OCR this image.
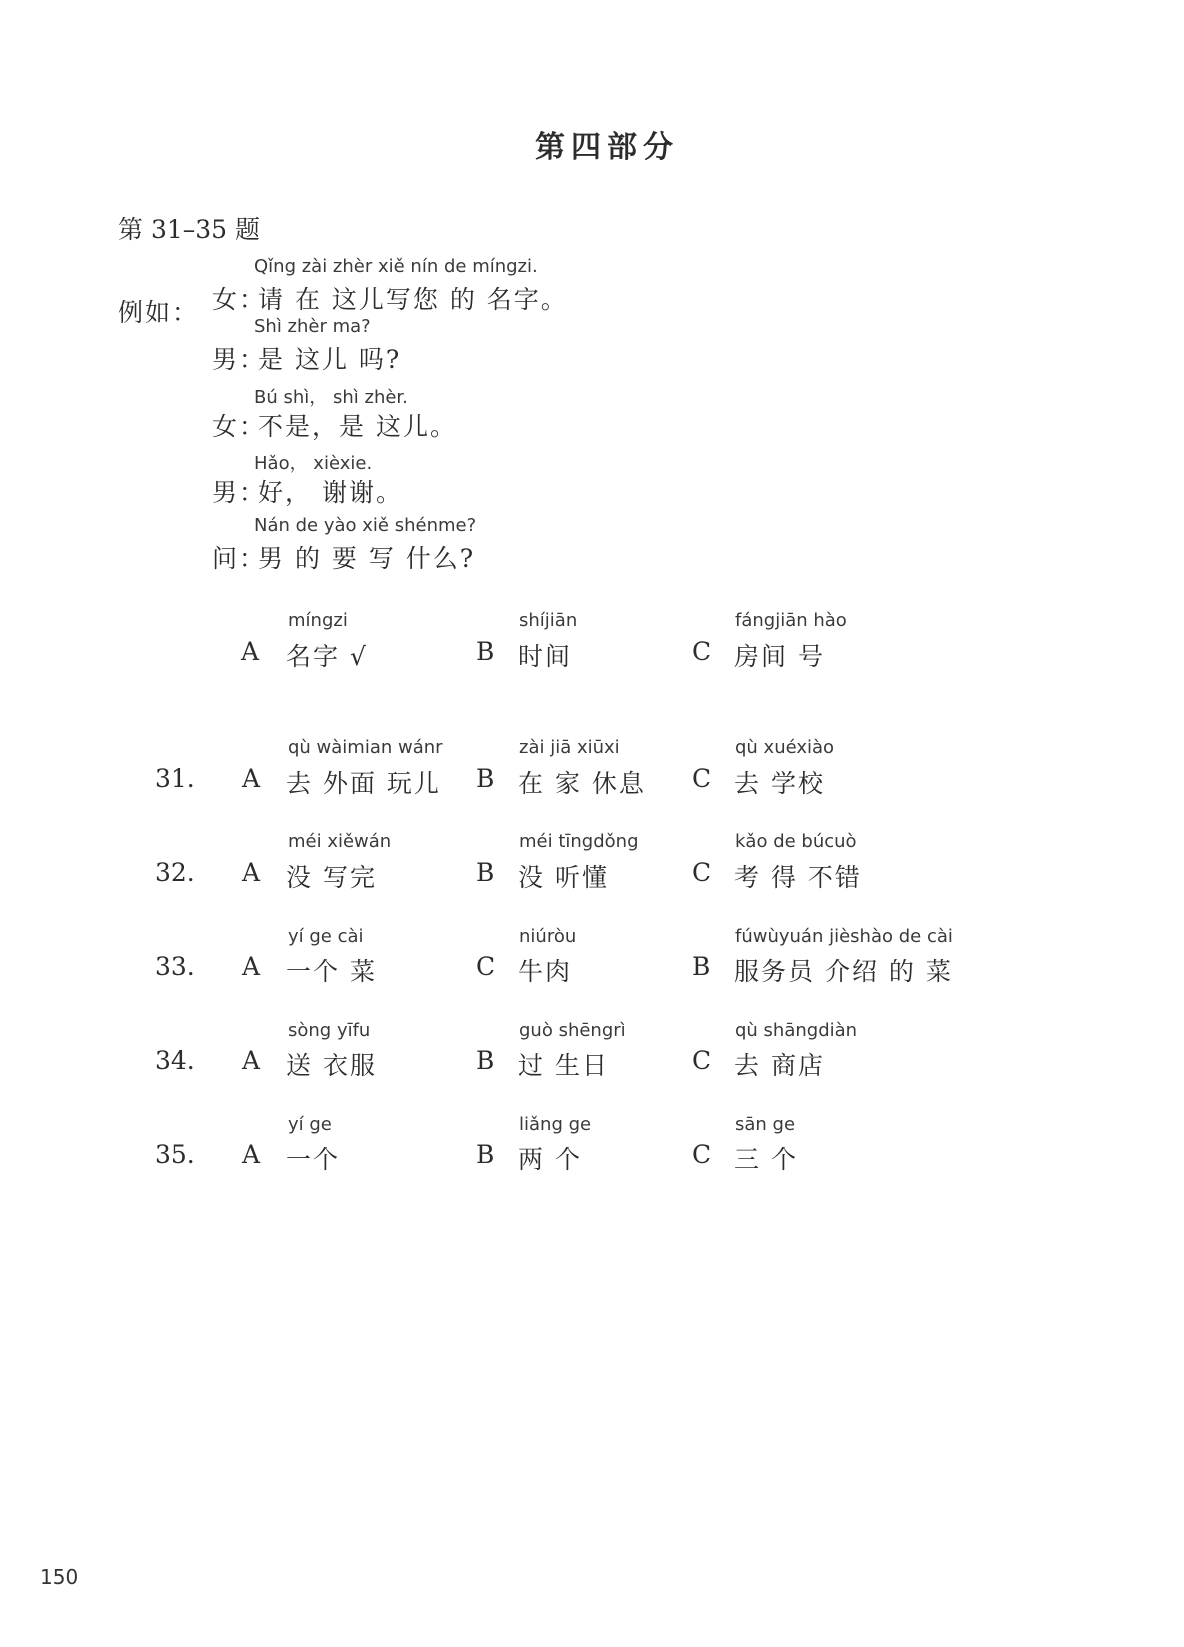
第四部分
第 31–35 题
例如：
Qǐng zài zhèr xiě nín de míngzi.
女：
请 在 这儿写您 的 名字。
Shì zhèr ma?
男：
是 这儿 吗?
Bú shì， shì zhèr.
女：
不是，是 这儿。
Hǎo， xièxie.
男：
好， 谢谢。
Nán de yào xiě shénme?
问：
男 的 要 写 什么?
míngzi
A 名字 √
shíjiān
B 时间
fángjiān hào
C 房间 号
31.
qù wàimian wánr
A 去 外面 玩儿
zài jiā xiūxi
B 在 家 休息
qù xuéxiào
C 去 学校
32.
méi xiěwán
A 没 写完
méi tīngdǒng
B 没 听懂
kǎo de búcuò
C 考 得 不错
33.
yí ge cài
A 一个 菜
niúròu
C 牛肉
fúwùyuán jièshào de cài
B 服务员 介绍 的 菜
34.
sòng yīfu
A 送 衣服
guò shēngrì
B 过 生日
qù shāngdiàn
C 去 商店
35.
yí ge
A 一个
liǎng ge
B 两 个
sān ge
C 三 个
150
